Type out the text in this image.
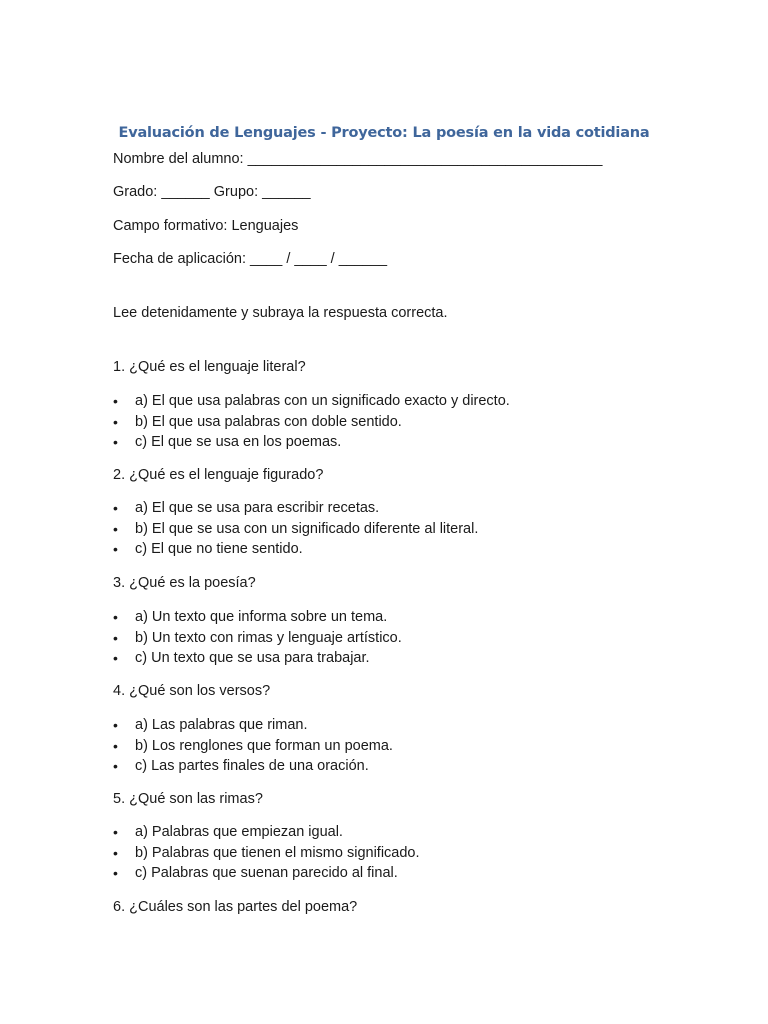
Evaluación de Lenguajes - Proyecto: La poesía en la vida cotidiana
Nombre del alumno: ____________________________________________
Grado: ______ Grupo: ______
Campo formativo: Lenguajes
Fecha de aplicación: ____ / ____ / ______
Lee detenidamente y subraya la respuesta correcta.
1. ¿Qué es el lenguaje literal?
• a) El que usa palabras con un significado exacto y directo.
• b) El que usa palabras con doble sentido.
• c) El que se usa en los poemas.
2. ¿Qué es el lenguaje figurado?
• a) El que se usa para escribir recetas.
• b) El que se usa con un significado diferente al literal.
• c) El que no tiene sentido.
3. ¿Qué es la poesía?
• a) Un texto que informa sobre un tema.
• b) Un texto con rimas y lenguaje artístico.
• c) Un texto que se usa para trabajar.
4. ¿Qué son los versos?
• a) Las palabras que riman.
• b) Los renglones que forman un poema.
• c) Las partes finales de una oración.
5. ¿Qué son las rimas?
• a) Palabras que empiezan igual.
• b) Palabras que tienen el mismo significado.
• c) Palabras que suenan parecido al final.
6. ¿Cuáles son las partes del poema?
